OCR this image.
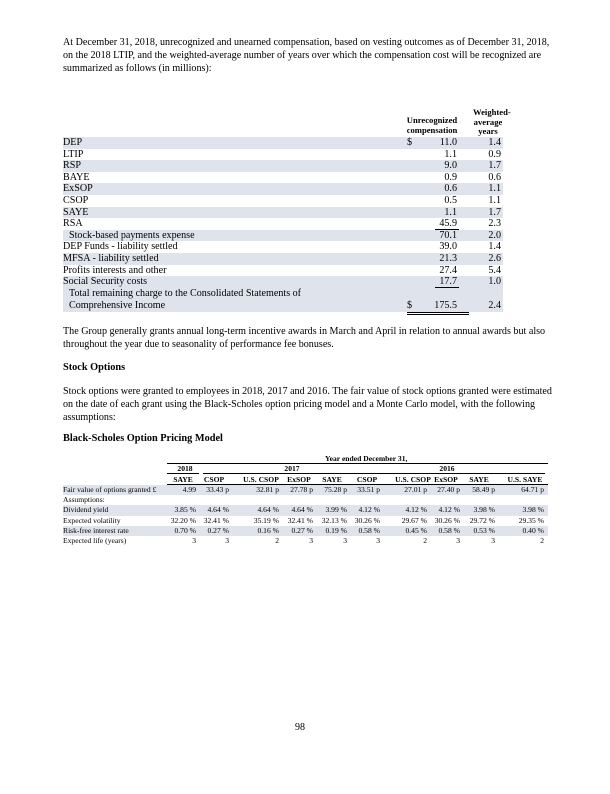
At December 31, 2018, unrecognized and unearned compensation, based on vesting outcomes as of December 31, 2018, on the 2018 LTIP, and the weighted-average number of years over which the compensation cost will be recognized are summarized as follows (in millions):

Unrecognized
compensation
Weighted-
average
years
DEP	$	11.0	1.4
LTIP	1.1	0.9
RSP	9.0	1.7
BAYE	0.9	0.6
ExSOP	0.6	1.1
CSOP	0.5	1.1
SAYE	1.1	1.7
RSA	45.9	2.3
Stock-based payments expense	70.1	2.0
DEP Funds - liability settled	39.0	1.4
MFSA - liability settled	21.3	2.6
Profits interests and other	27.4	5.4
Social Security costs	17.7	1.0
Total remaining charge to the Consolidated Statements of
Comprehensive Income	$ 175.5	2.4

The Group generally grants annual long-term incentive awards in March and April in relation to annual awards but also throughout the year due to seasonality of performance fee bonuses.

Stock Options

Stock options were granted to employees in 2018, 2017 and 2016. The fair value of stock options granted were estimated on the date of each grant using the Black-Scholes option pricing model and a Monte Carlo model, with the following assumptions:

Black-Scholes Option Pricing Model

Year ended December 31,
2018	2017	2016
SAYE	CSOP	U.S. CSOP	ExSOP	SAYE	CSOP	U.S. CSOP ExSOP	SAYE	U.S. SAYE
Fair value of options granted £	4.99 33.43 p	32.81 p 27.78 p 75.28 p 33.51 p	27.01 p 27.40 p 58.49 p	64.71 p
Assumptions:
Dividend yield	3.85 % 4.64 %	4.64 % 4.64 % 3.99 % 4.12 %	4.12 % 4.12 % 3.98 %	3.98 %
Expected volatility	32.20 % 32.41 %	35.19 % 32.41 % 32.13 % 30.26 %	29.67 % 30.26 % 29.72 %	29.35 %
Risk-free interest rate	0.70 % 0.27 %	0.16 % 0.27 % 0.19 % 0.58 %	0.45 % 0.58 % 0.53 %	0.40 %
Expected life (years)	3	3	2	3	3	3	2	3	3	2
98
